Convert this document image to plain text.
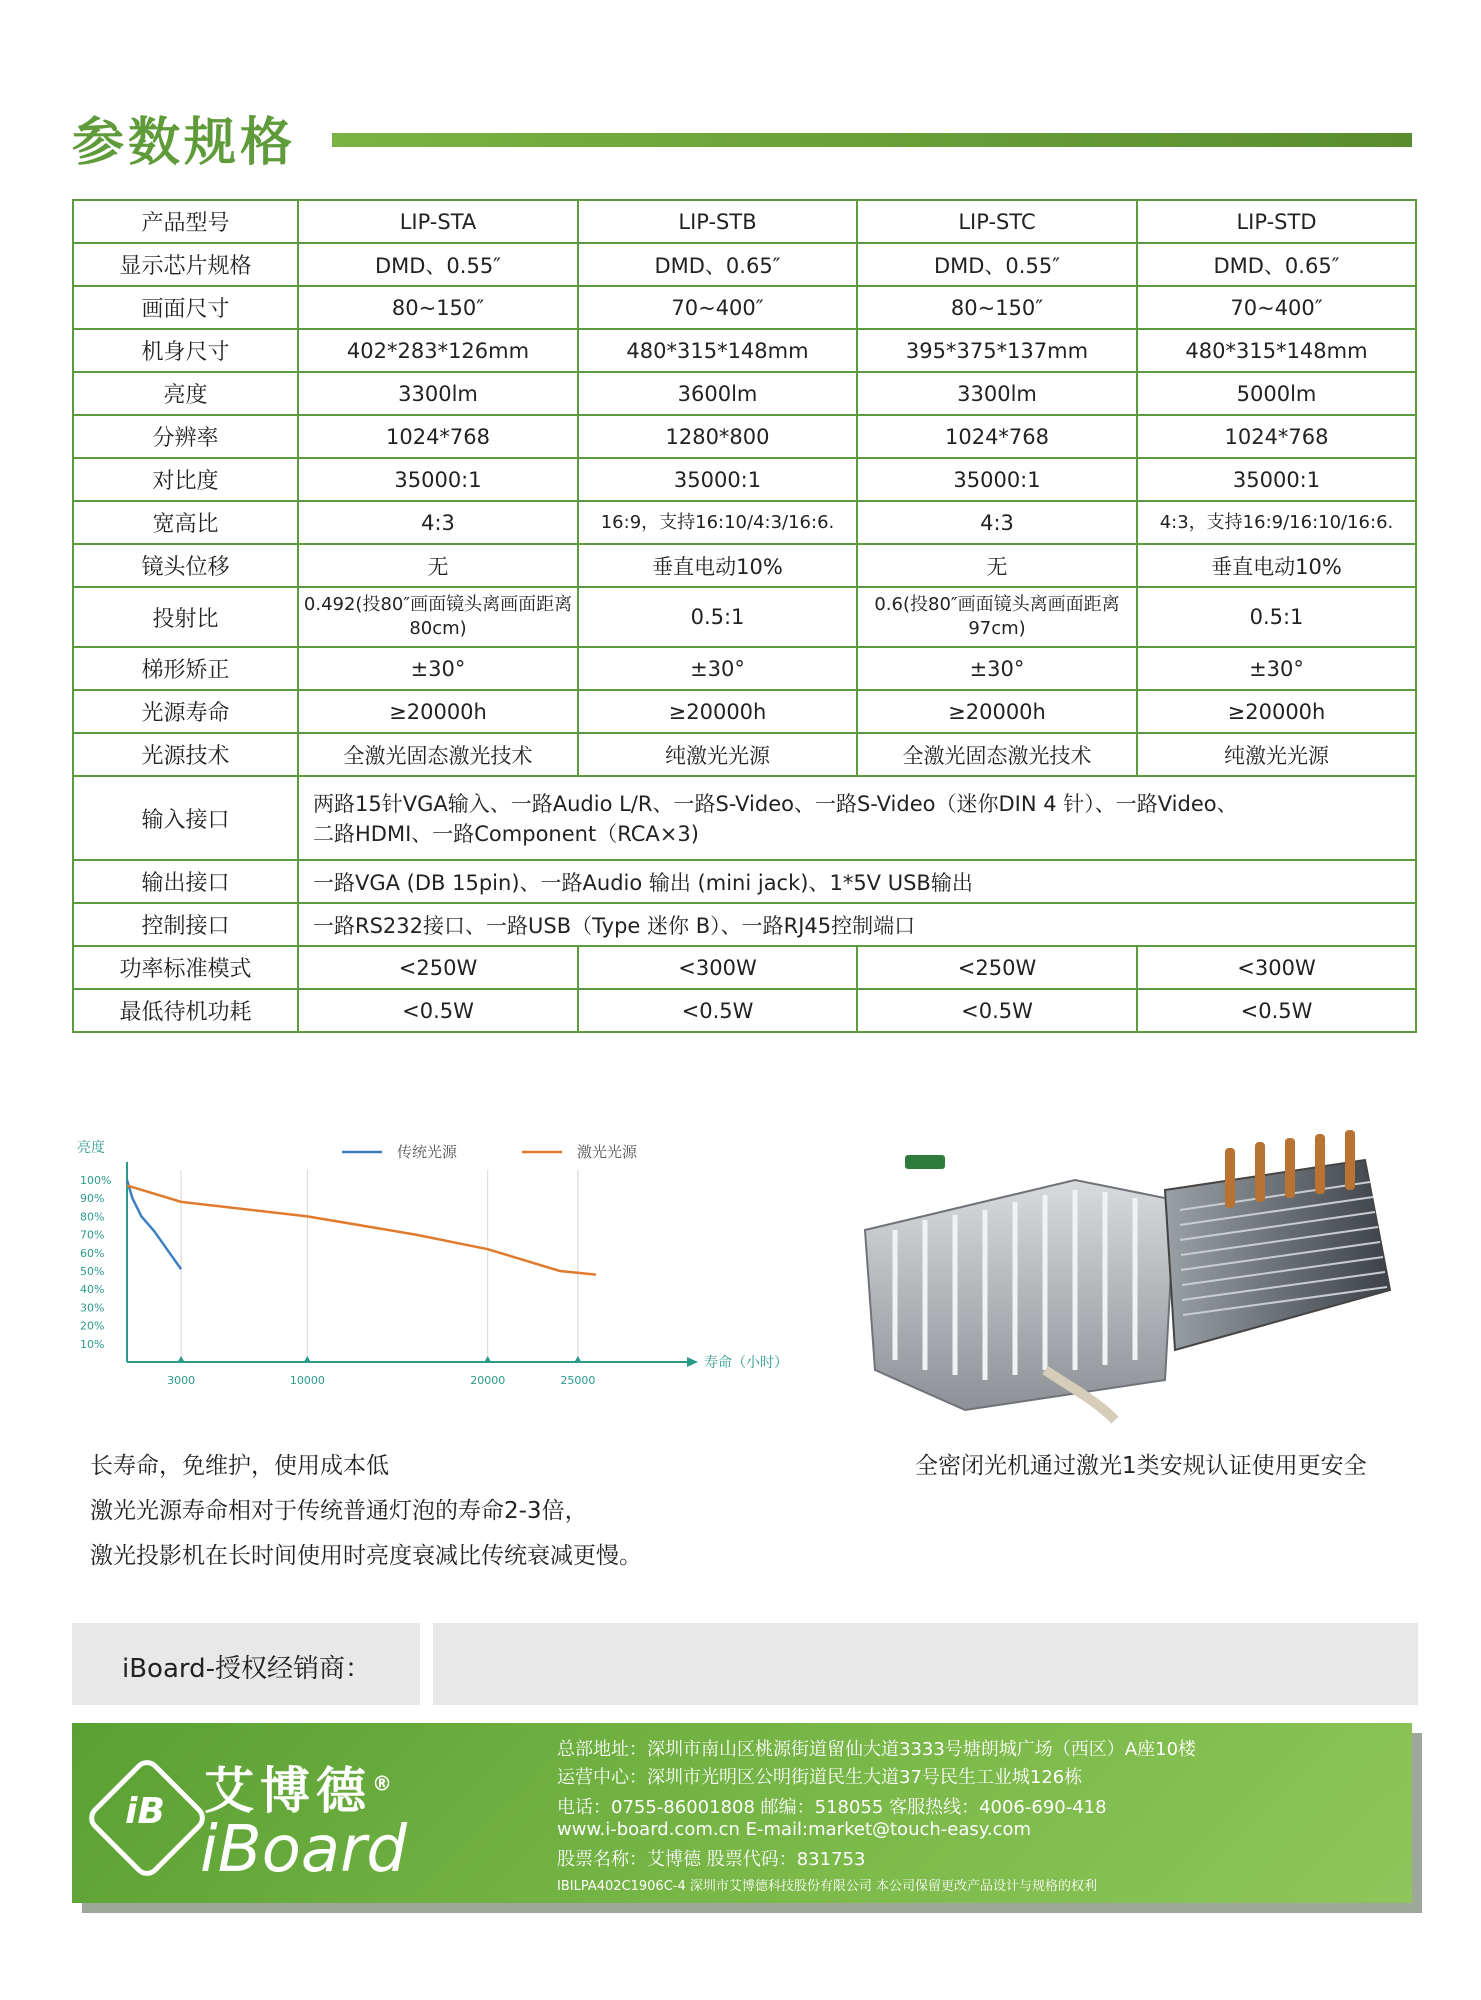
参数规格
产品型号	LIP-STA	LIP-STB	LIP-STC	LIP-STD
显示芯片规格	DMD、0.55″	DMD、0.65″	DMD、0.55″	DMD、0.65″
画面尺寸	80~150″	70~400″	80~150″	70~400″
机身尺寸	402*283*126mm	480*315*148mm	395*375*137mm	480*315*148mm
亮度	3300lm	3600lm	3300lm	5000lm
分辨率	1024*768	1280*800	1024*768	1024*768
对比度	35000:1	35000:1	35000:1	35000:1
宽高比	4:3	16:9，支持16:10/4:3/16:6.	4:3	4:3，支持16:9/16:10/16:6.
镜头位移	无	垂直电动10%	无	垂直电动10%
投射比	0.492(投80″画面镜头离画面距离80cm)	0.5:1	0.6(投80″画面镜头离画面距离97cm)	0.5:1
梯形矫正	±30°	±30°	±30°	±30°
光源寿命	≥20000h	≥20000h	≥20000h	≥20000h
光源技术	全激光固态激光技术	纯激光光源	全激光固态激光技术	纯激光光源
输入接口	两路15针VGA输入、一路Audio L/R、一路S-Video、一路S-Video（迷你DIN 4 针）、一路Video、
二路HDMI、一路Component（RCA×3)			

输出接口	一路VGA (DB 15pin)、一路Audio 输出 (mini jack)、1*5V USB输出			

控制接口	一路RS232接口、一路USB（Type 迷你 B）、一路RJ45控制端口			

功率标准模式	<250W	<300W	<250W	<300W
最低待机功耗	<0.5W	<0.5W	<0.5W	<0.5W
亮度
寿命（小时）
100%
90%
80%
70%
60%
50%
40%
30%
20%
10%
3000	10000	20000	25000
传统光源	激光光源
全密闭光机通过激光1类安规认证使用更安全
长寿命，免维护，使用成本低
激光光源寿命相对于传统普通灯泡的寿命2-3倍，
激光投影机在长时间使用时亮度衰减比传统衰减更慢。
iBoard-授权经销商：
iB 艾博德®
iBoard
总部地址：深圳市南山区桃源街道留仙大道3333号塘朗城广场（西区）A座10楼
运营中心：深圳市光明区公明街道民生大道37号民生工业城126栋
电话：0755-86001808 邮编：518055 客服热线：4006-690-418
www.i-board.com.cn E-mail:market@touch-easy.com
股票名称：艾博德 股票代码：831753
IBILPA402C1906C-4 深圳市艾博德科技股份有限公司 本公司保留更改产品设计与规格的权利
